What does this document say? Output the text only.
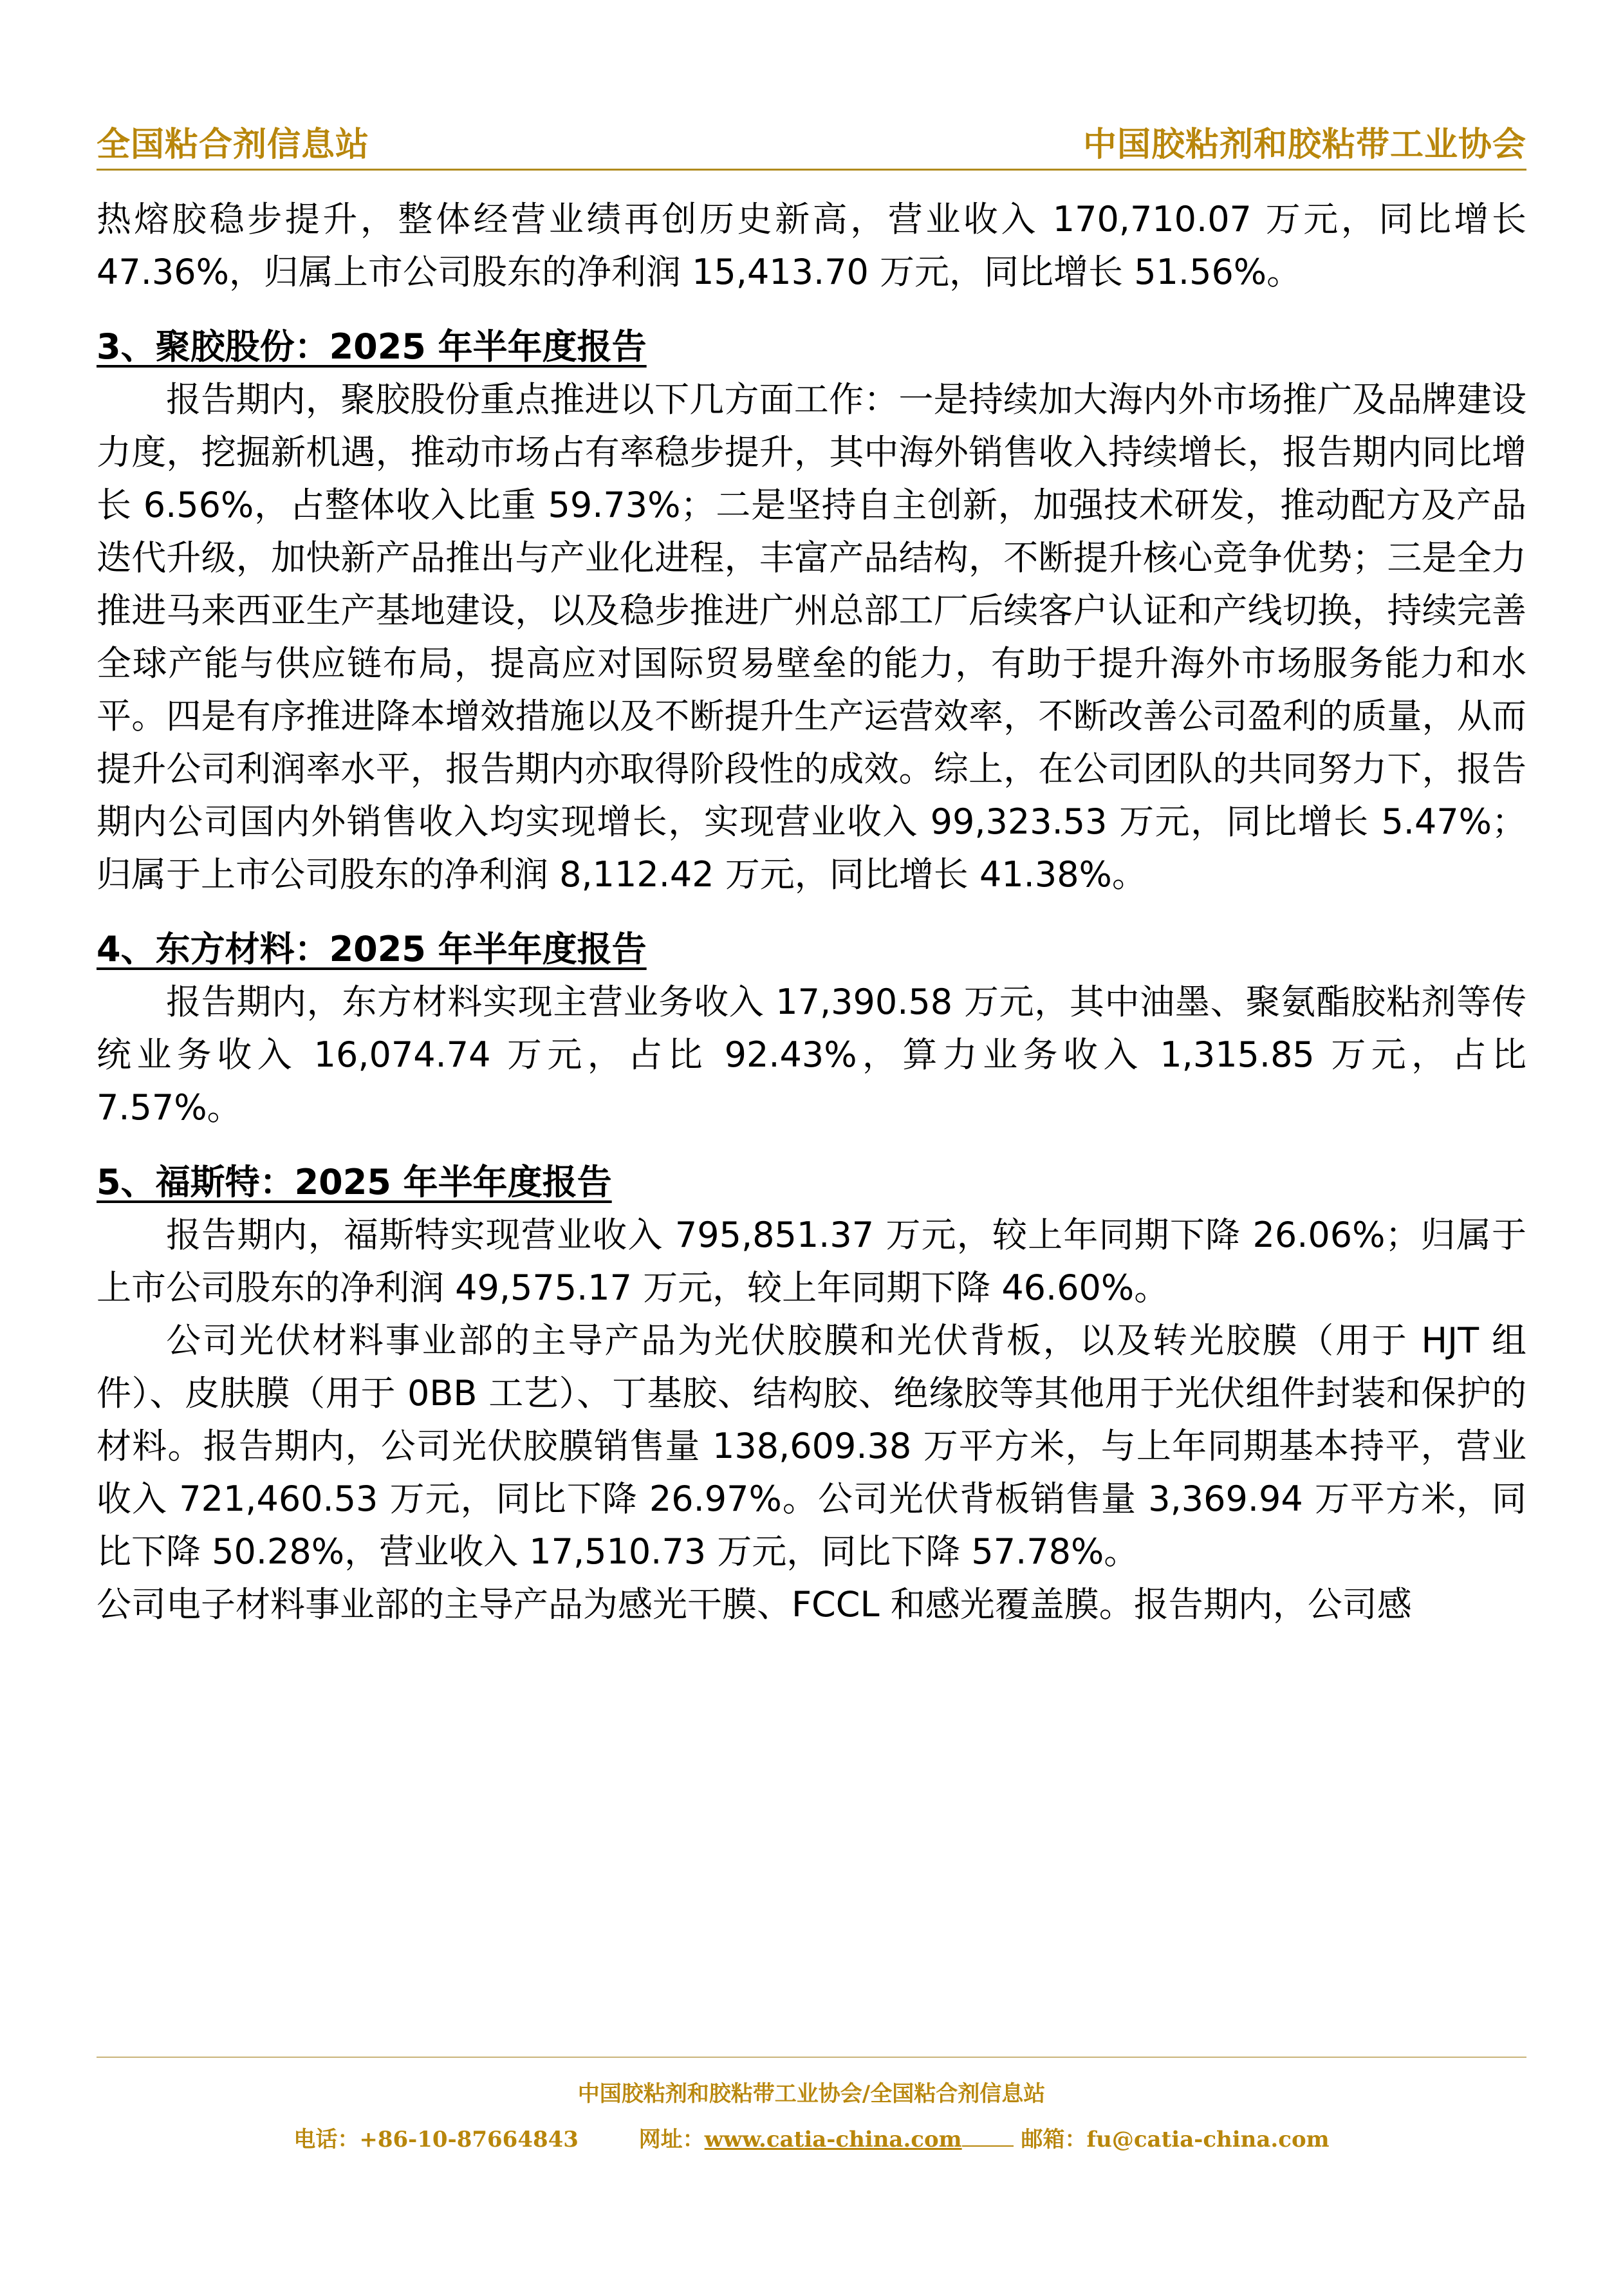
全国粘合剂信息站	中国胶粘剂和胶粘带工业协会

热熔胶稳步提升，整体经营业绩再创历史新高，营业收入 170,710.07 万元，同比增长 47.36%，归属上市公司股东的净利润 15,413.70 万元，同比增长 51.56%。

3、聚胶股份：2025 年半年度报告

报告期内，聚胶股份重点推进以下几方面工作：一是持续加大海内外市场推广及品牌建设力度，挖掘新机遇，推动市场占有率稳步提升，其中海外销售收入持续增长，报告期内同比增长 6.56%，占整体收入比重 59.73%；二是坚持自主创新，加强技术研发，推动配方及产品迭代升级，加快新产品推出与产业化进程，丰富产品结构，不断提升核心竞争优势；三是全力推进马来西亚生产基地建设，以及稳步推进广州总部工厂后续客户认证和产线切换，持续完善全球产能与供应链布局，提高应对国际贸易壁垒的能力，有助于提升海外市场服务能力和水平。四是有序推进降本增效措施以及不断提升生产运营效率，不断改善公司盈利的质量，从而提升公司利润率水平，报告期内亦取得阶段性的成效。综上，在公司团队的共同努力下，报告期内公司国内外销售收入均实现增长，实现营业收入 99,323.53 万元，同比增长 5.47%；归属于上市公司股东的净利润 8,112.42 万元，同比增长 41.38%。

4、东方材料：2025 年半年度报告

报告期内，东方材料实现主营业务收入 17,390.58 万元，其中油墨、聚氨酯胶粘剂等传统业务收入 16,074.74 万元，占比 92.43%，算力业务收入 1,315.85 万元，占比 7.57%。

5、福斯特：2025 年半年度报告

报告期内，福斯特实现营业收入 795,851.37 万元，较上年同期下降 26.06%；归属于上市公司股东的净利润 49,575.17 万元，较上年同期下降 46.60%。

公司光伏材料事业部的主导产品为光伏胶膜和光伏背板，以及转光胶膜（用于 HJT 组件）、皮肤膜（用于 0BB 工艺）、丁基胶、结构胶、绝缘胶等其他用于光伏组件封装和保护的材料。报告期内，公司光伏胶膜销售量 138,609.38 万平方米，与上年同期基本持平，营业收入 721,460.53 万元，同比下降 26.97%。公司光伏背板销售量 3,369.94 万平方米，同比下降 50.28%，营业收入 17,510.73 万元，同比下降 57.78%。

公司电子材料事业部的主导产品为感光干膜、FCCL 和感光覆盖膜。报告期内，公司感

中国胶粘剂和胶粘带工业协会/全国粘合剂信息站
电话：+86-10-87664843	网址：www.catia-china.com	邮箱：fu@catia-china.com
